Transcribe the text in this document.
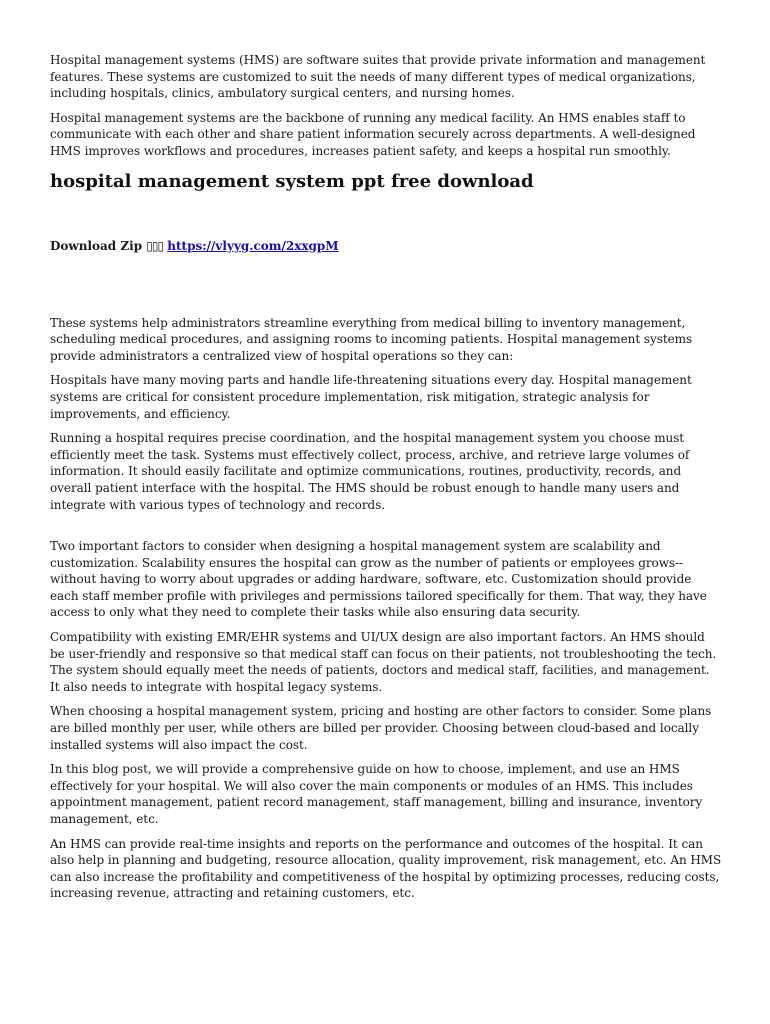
Hospital management systems (HMS) are software suites that provide private information and management features. These systems are customized to suit the needs of many different types of medical organizations, including hospitals, clinics, ambulatory surgical centers, and nursing homes.

Hospital management systems are the backbone of running any medical facility. An HMS enables staff to communicate with each other and share patient information securely across departments. A well-designed HMS improves workflows and procedures, increases patient safety, and keeps a hospital run smoothly.

hospital management system ppt free download
Download Zip ▯▯▯ https://vlyyg.com/2xxgpM

These systems help administrators streamline everything from medical billing to inventory management, scheduling medical procedures, and assigning rooms to incoming patients. Hospital management systems provide administrators a centralized view of hospital operations so they can:

Hospitals have many moving parts and handle life-threatening situations every day. Hospital management systems are critical for consistent procedure implementation, risk mitigation, strategic analysis for improvements, and efficiency.

Running a hospital requires precise coordination, and the hospital management system you choose must efficiently meet the task. Systems must effectively collect, process, archive, and retrieve large volumes of information. It should easily facilitate and optimize communications, routines, productivity, records, and overall patient interface with the hospital. The HMS should be robust enough to handle many users and integrate with various types of technology and records.

Two important factors to consider when designing a hospital management system are scalability and customization. Scalability ensures the hospital can grow as the number of patients or employees grows--without having to worry about upgrades or adding hardware, software, etc. Customization should provide each staff member profile with privileges and permissions tailored specifically for them. That way, they have access to only what they need to complete their tasks while also ensuring data security.

Compatibility with existing EMR/EHR systems and UI/UX design are also important factors. An HMS should be user-friendly and responsive so that medical staff can focus on their patients, not troubleshooting the tech. The system should equally meet the needs of patients, doctors and medical staff, facilities, and management. It also needs to integrate with hospital legacy systems.

When choosing a hospital management system, pricing and hosting are other factors to consider. Some plans are billed monthly per user, while others are billed per provider. Choosing between cloud-based and locally installed systems will also impact the cost.

In this blog post, we will provide a comprehensive guide on how to choose, implement, and use an HMS effectively for your hospital. We will also cover the main components or modules of an HMS. This includes appointment management, patient record management, staff management, billing and insurance, inventory management, etc.

An HMS can provide real-time insights and reports on the performance and outcomes of the hospital. It can also help in planning and budgeting, resource allocation, quality improvement, risk management, etc. An HMS can also increase the profitability and competitiveness of the hospital by optimizing processes, reducing costs, increasing revenue, attracting and retaining customers, etc.
